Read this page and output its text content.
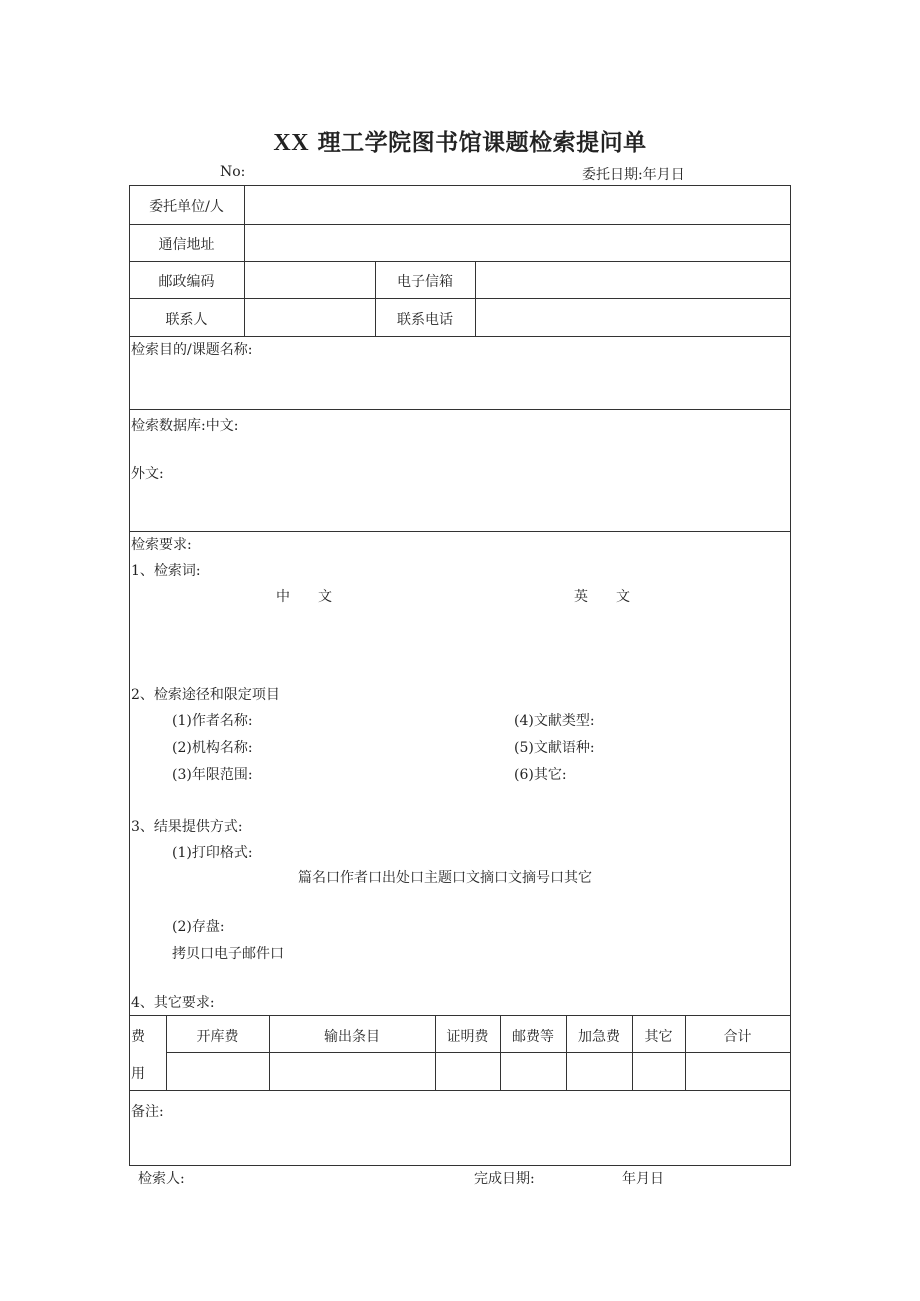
XX 理工学院图书馆课题检索提问单
No:	委托日期:年月日
委托单位/人
通信地址
邮政编码	电子信箱
联系人	联系电话
检索目的/课题名称:
检索数据库:中文:
外文:
检索要求:
1、检索词:
中　　文	英　　文
2、检索途径和限定项目
(1)作者名称:
(2)机构名称:
(3)年限范围:
(4)文献类型:
(5)文献语种:
(6)其它:
3、结果提供方式:
(1)打印格式:
篇名口作者口出处口主题口文摘口文摘号口其它
(2)存盘:
拷贝口电子邮件口
4、其它要求:
费
用
开库费	输出条目	证明费	邮费等	加急费	其它	合计
备注:
检索人:	完成日期:	年月日
